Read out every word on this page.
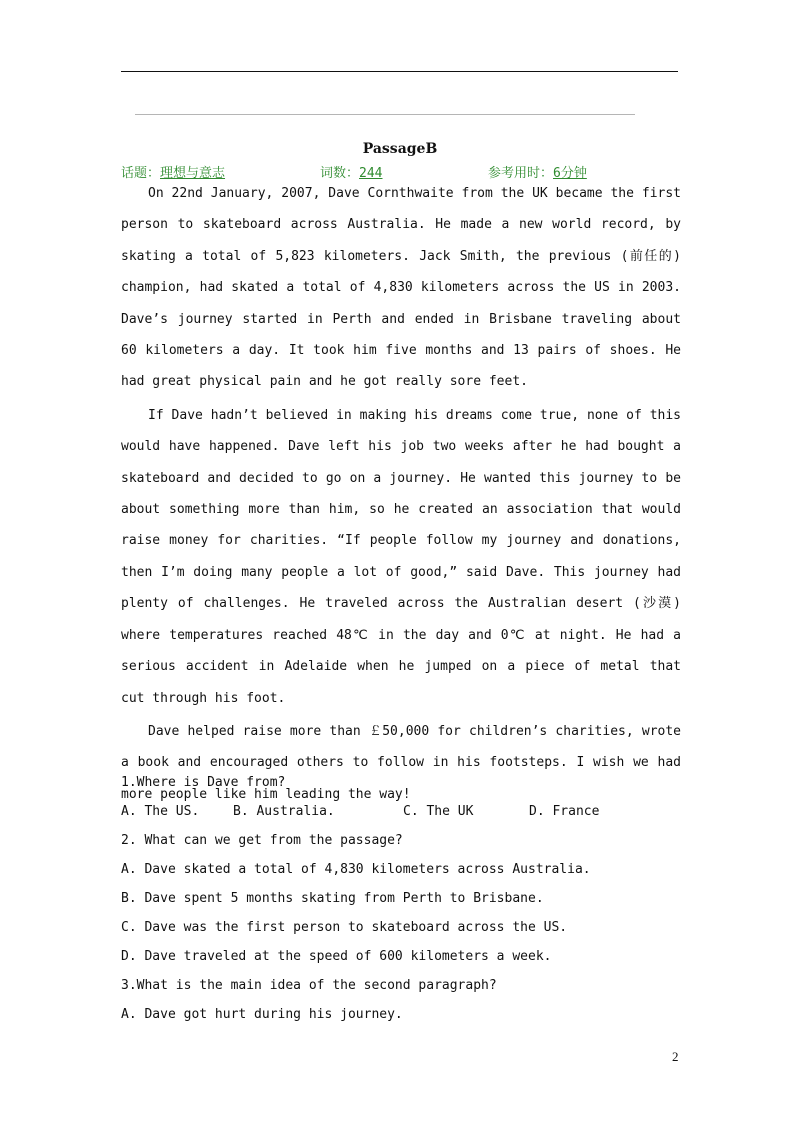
PassageB
话题：理想与意志	词数：244	参考用时：6分钟

On 22nd January, 2007, Dave Cornthwaite from the UK became the first person to skateboard across Australia. He made a new world record, by skating a total of 5,823 kilometers. Jack Smith, the previous (前任的) champion, had skated a total of 4,830 kilometers across the US in 2003. Dave’s journey started in Perth and ended in Brisbane traveling about 60 kilometers a day. It took him five months and 13 pairs of shoes. He had great physical pain and he got really sore feet.

If Dave hadn’t believed in making his dreams come true, none of this would have happened. Dave left his job two weeks after he had bought a skateboard and decided to go on a journey. He wanted this journey to be about something more than him, so he created an association that would raise money for charities. “If people follow my journey and donations, then I’m doing many people a lot of good,” said Dave. This journey had plenty of challenges. He traveled across the Australian desert (沙漠) where temperatures reached 48℃ in the day and 0℃ at night. He had a serious accident in Adelaide when he jumped on a piece of metal that cut through his foot.

Dave helped raise more than ￡50,000 for children’s charities, wrote a book and encouraged others to follow in his footsteps. I wish we had more people like him leading the way!

1.Where is Dave from?
A. The US.	B. Australia.	C. The UK	D. France
2. What can we get from the passage?
A. Dave skated a total of 4,830 kilometers across Australia.
B. Dave spent 5 months skating from Perth to Brisbane.
C. Dave was the first person to skateboard across the US.
D. Dave traveled at the speed of 600 kilometers a week.
3.What is the main idea of the second paragraph?
A. Dave got hurt during his journey.
2
